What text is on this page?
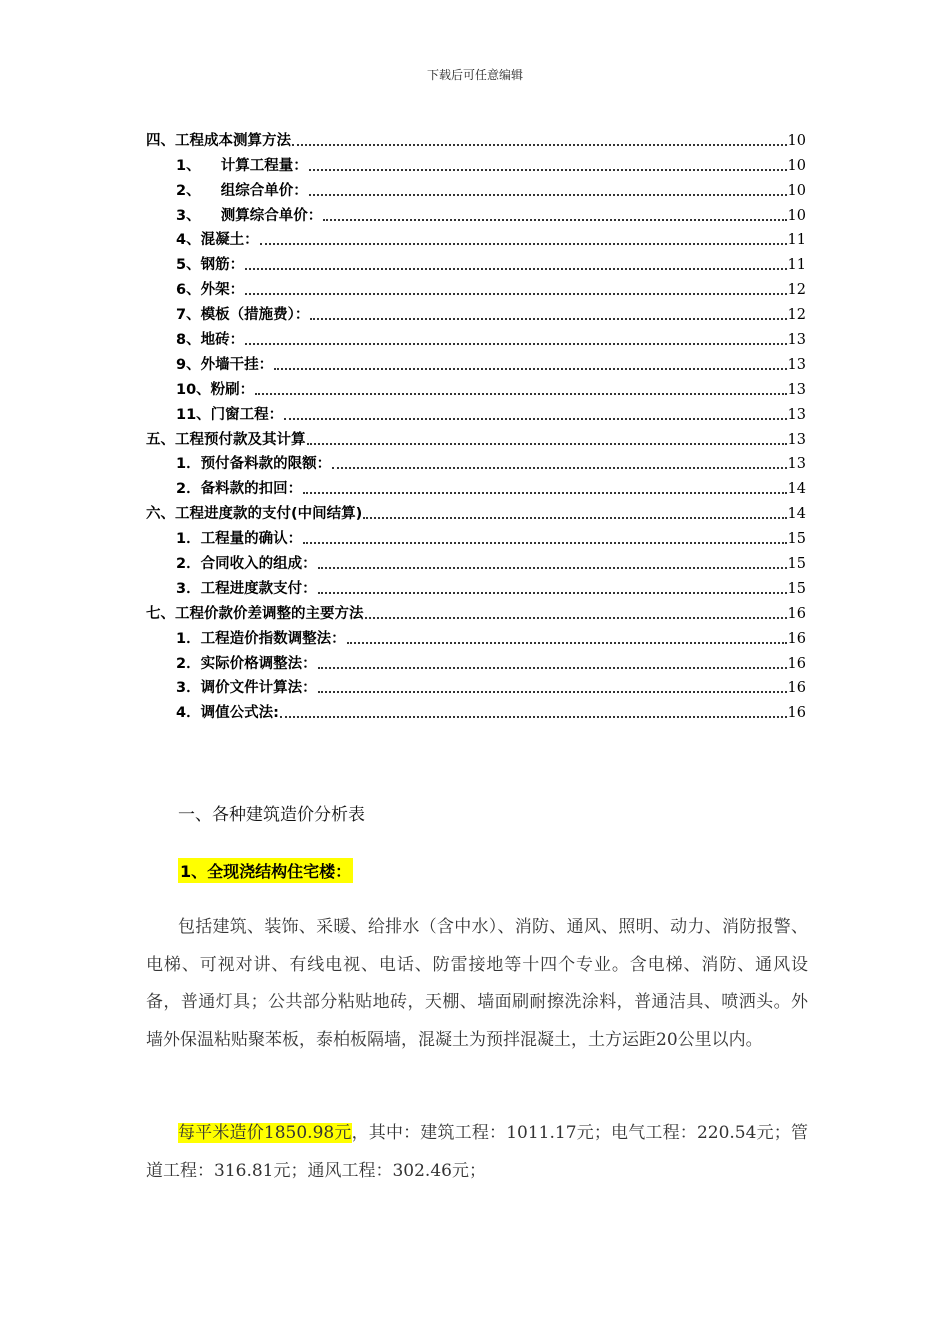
下载后可任意编辑
四、工程成本测算方法	10
1、    计算工程量：	10
2、    组综合单价：	10
3、    测算综合单价：	10
4、混凝土：	11
5、钢筋：	11
6、外架：	12
7、模板（措施费）：	12
8、地砖：	13
9、外墙干挂：	13
10、粉刷：	13
11、门窗工程：	13
五、工程预付款及其计算	13
1．预付备料款的限额：	13
2．备料款的扣回：	14
六、工程进度款的支付(中间结算)	14
1．工程量的确认：	15
2．合同收入的组成：	15
3．工程进度款支付：	15
七、工程价款价差调整的主要方法	16
1．工程造价指数调整法：	16
2．实际价格调整法：	16
3．调价文件计算法：	16
4．调值公式法:	16
一、各种建筑造价分析表
1、全现浇结构住宅楼：

包括建筑、装饰、采暖、给排水（含中水）、消防、通风、照明、动力、消防报警、电梯、可视对讲、有线电视、电话、防雷接地等十四个专业。含电梯、消防、通风设备，普通灯具；公共部分粘贴地砖，天棚、墙面刷耐擦洗涂料，普通洁具、喷洒头。外墙外保温粘贴聚苯板，泰柏板隔墙，混凝土为预拌混凝土，土方运距20公里以内。

每平米造价1850.98元，其中：建筑工程：1011.17元；电气工程：220.54元；管道工程：316.81元；通风工程：302.46元；
